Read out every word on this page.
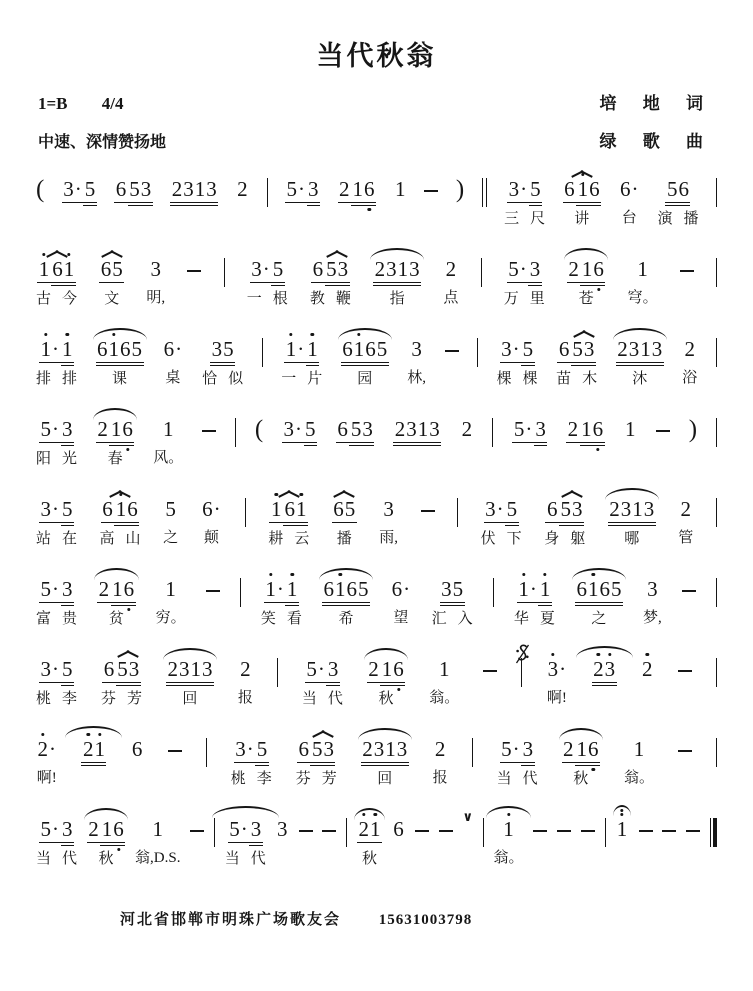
当代秋翁
1=B 4/4	培 地 词
中速、深情赞扬地	绿 歌 曲
( 3· 5 6 53 2313 2 5· 3 2 16 1 ) 3· 5
三尺
6 16
讲
6·
台
56
演播
1 61
古今
65
文
3
明,
3· 5
一根
6 53
教鞭
2313
指
2
点
5· 3
万里
2 16
苍
1
穹。
1· 1
排排
6165
课
6·
桌
35
恰似
1· 1
一片
6165
园
3
林,
3· 5
棵棵
6 53
苗木
2313
沐
2
浴
5· 3
阳光
2 16
春
1
风。
( 3· 5 6 53 2313 2 5· 3 2 16 1 )
3· 5
站在
6 16
高山
5
之
6·
颠
1 61
耕云
65
播
3
雨,
3· 5
伏下
6 53
身躯
2313
哪
2
管
5· 3
富贵
2 16
贫
1
穷。
1· 1
笑看
6165
希
6·
望
35
汇入
1· 1
华夏
6165
之
3
梦,
3· 5
桃李
6 53
芬芳
2313
回
2
报
5· 3
当代
2 16
秋
1
翁。
3·
啊!
23 2
2·
啊!
21 6	3· 5
桃李
6 53
芬芳
2313
回
2
报
5· 3
当代
2 16
秋
1
翁。
5· 3
当代
2 16
秋
1
翁,D.S.
5· 3
当代
3	21
秋
6
∨
1
翁。
1
河北省邯郸市明珠广场歌友会	15631003798
